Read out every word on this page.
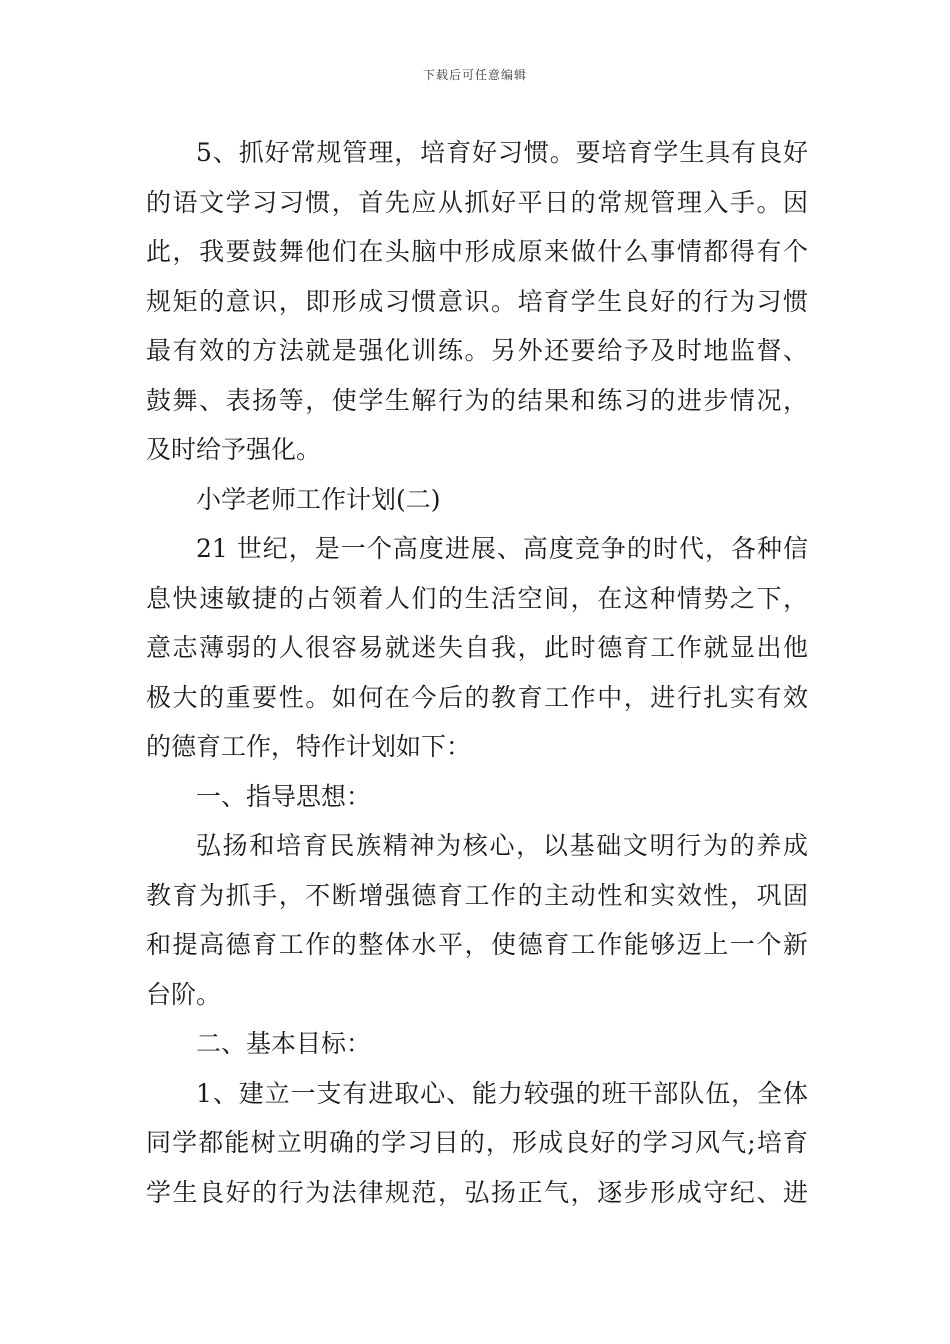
下载后可任意编辑
5、抓好常规管理，培育好习惯。要培育学生具有良好
的语文学习习惯，首先应从抓好平日的常规管理入手。因
此，我要鼓舞他们在头脑中形成原来做什么事情都得有个
规矩的意识，即形成习惯意识。培育学生良好的行为习惯
最有效的方法就是强化训练。另外还要给予及时地监督、
鼓舞、表扬等，使学生解行为的结果和练习的进步情况，
及时给予强化。
小学老师工作计划(二)
21 世纪，是一个高度进展、高度竞争的时代，各种信
息快速敏捷的占领着人们的生活空间，在这种情势之下，
意志薄弱的人很容易就迷失自我，此时德育工作就显出他
极大的重要性。如何在今后的教育工作中，进行扎实有效
的德育工作，特作计划如下：
一、指导思想：
弘扬和培育民族精神为核心，以基础文明行为的养成
教育为抓手，不断增强德育工作的主动性和实效性，巩固
和提高德育工作的整体水平，使德育工作能够迈上一个新
台阶。
二、基本目标：
1、建立一支有进取心、能力较强的班干部队伍，全体
同学都能树立明确的学习目的，形成良好的学习风气;培育
学生良好的行为法律规范，弘扬正气，逐步形成守纪、进
